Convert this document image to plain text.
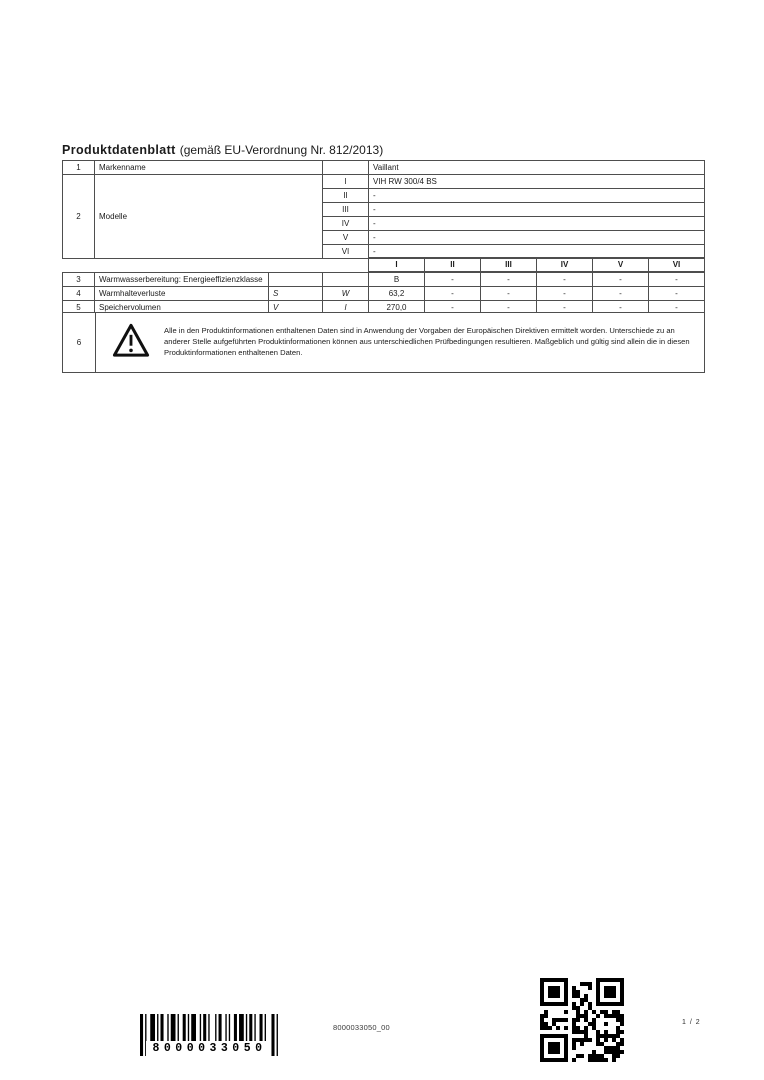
Produktdatenblatt (gemäß EU-Verordnung Nr. 812/2013)
1	Markenname		Vaillant
2	Modelle	I	VIH RW 300/4 BS
		II	-
		III	-
		IV	-
		V	-
		VI	-
I	II	III	IV	V	VI
3	Warmwasserbereitung: Energieeffizienzklasse			B	-	-	-	-	-
4	Warmhalteverluste	S	W	63,2	-	-	-	-	-
5	Speichervolumen	V	l	270,0	-	-	-	-	-
6
Alle in den Produktinformationen enthaltenen Daten sind in Anwendung der Vorgaben der Europäischen Direktiven ermittelt worden. Unterschiede zu an anderer Stelle aufgeführten Produktinformationen können aus unterschiedlichen Prüfbedingungen resultieren. Maßgeblich und gültig sind allein die in diesen Produktinformationen enthaltenen Daten.
8000033050
8000033050_00
1 / 2
